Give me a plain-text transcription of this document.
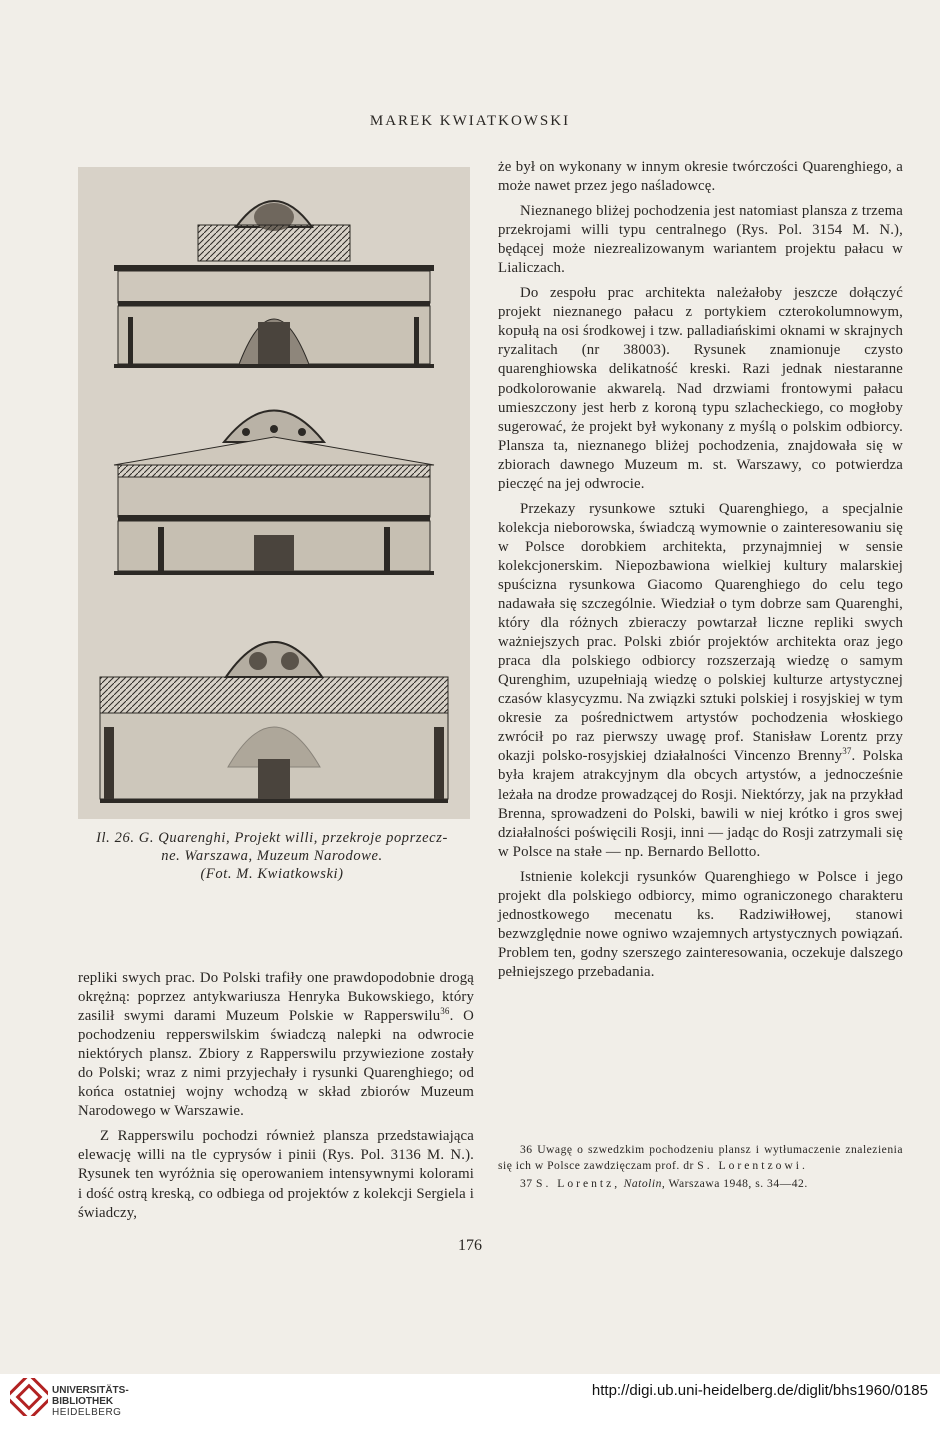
MAREK KWIATKOWSKI
Il. 26. G. Quarenghi, Projekt willi, przekroje poprzecz-
ne. Warszawa, Muzeum Narodowe.
(Fot. M. Kwiatkowski)

repliki swych prac. Do Polski trafiły one prawdopodobnie drogą okrężną: poprzez antykwariusza Henryka Bukowskiego, który zasilił swymi darami Muzeum Polskie w Rapperswilu$^{36}$. O pochodzeniu repperswilskim świadczą nalepki na odwrocie niektórych plansz. Zbiory z Rapperswilu przywiezione zostały do Polski; wraz z nimi przyjechały i rysunki Quarenghiego; od końca ostatniej wojny wchodzą w skład zbiorów Muzeum Narodowego w Warszawie.

Z Rapperswilu pochodzi również plansza przedstawiająca elewację willi na tle cyprysów i pinii (Rys. Pol. 3136 M. N.). Rysunek ten wyróżnia się operowaniem intensywnymi kolorami i dość ostrą kreską, co odbiega od projektów z kolekcji Sergiela i świadczy,

że był on wykonany w innym okresie twórczości Quarenghiego, a może nawet przez jego naśladowcę.

Nieznanego bliżej pochodzenia jest natomiast plansza z trzema przekrojami willi typu centralnego (Rys. Pol. 3154 M. N.), będącej może niezrealizowanym wariantem projektu pałacu w Lialiczach.

Do zespołu prac architekta należałoby jeszcze dołączyć projekt nieznanego pałacu z portykiem czterokolumnowym, kopułą na osi środkowej i tzw. palladiańskimi oknami w skrajnych ryzalitach (nr 38003). Rysunek znamionuje czysto quarenghiowska delikatność kreski. Razi jednak niestaranne podkolorowanie akwarelą. Nad drzwiami frontowymi pałacu umieszczony jest herb z koroną typu szlacheckiego, co mogłoby sugerować, że projekt był wykonany z myślą o polskim odbiorcy. Plansza ta, nieznanego bliżej pochodzenia, znajdowała się w zbiorach dawnego Muzeum m. st. Warszawy, co potwierdza pieczęć na jej odwrocie.

Przekazy rysunkowe sztuki Quarenghiego, a specjalnie kolekcja nieborowska, świadczą wymownie o zainteresowaniu się w Polsce dorobkiem architekta, przynajmniej w sensie kolekcjonerskim. Niepozbawiona wielkiej kultury malarskiej spuścizna rysunkowa Giacomo Quarenghiego do celu tego nadawała się szczególnie. Wiedział o tym dobrze sam Quarenghi, który dla różnych zbieraczy powtarzał liczne repliki swych ważniejszych prac. Polski zbiór projektów architekta oraz jego praca dla polskiego odbiorcy rozszerzają wiedzę o samym Qurenghim, uzupełniają wiedzę o polskiej kulturze artystycznej czasów klasycyzmu. Na związki sztuki polskiej i rosyjskiej w tym okresie za pośrednictwem artystów pochodzenia włoskiego zwrócił po raz pierwszy uwagę prof. Stanisław Lorentz przy okazji polsko-rosyjskiej działalności Vincenzo Brenny$^{37}$. Polska była krajem atrakcyjnym dla obcych artystów, a jednocześnie leżała na drodze prowadzącej do Rosji. Niektórzy, jak na przykład Brenna, sprowadzeni do Polski, bawili w niej krótko i gros swej działalności poświęcili Rosji, inni — jadąc do Rosji zatrzymali się w Polsce na stałe — np. Bernardo Bellotto.

Istnienie kolekcji rysunków Quarenghiego w Polsce i jego projekt dla polskiego odbiorcy, mimo ograniczonego charakteru jednostkowego mecenatu ks. Radziwiłłowej, stanowi bezwzględnie nowe ogniwo wzajemnych artystycznych powiązań. Problem ten, godny szerszego zainteresowania, oczekuje dalszego pełniejszego przebadania.

36 Uwagę o szwedzkim pochodzeniu plansz i wytłumaczenie znalezienia się ich w Polsce zawdzięczam prof. dr S. Lorentzowi.

37 S. Lorentz, Natolin, Warszawa 1948, s. 34—42.

176
UNIVERSITÄTS-
BIBLIOTHEK
HEIDELBERG
http://digi.ub.uni-heidelberg.de/diglit/bhs1960/0185
